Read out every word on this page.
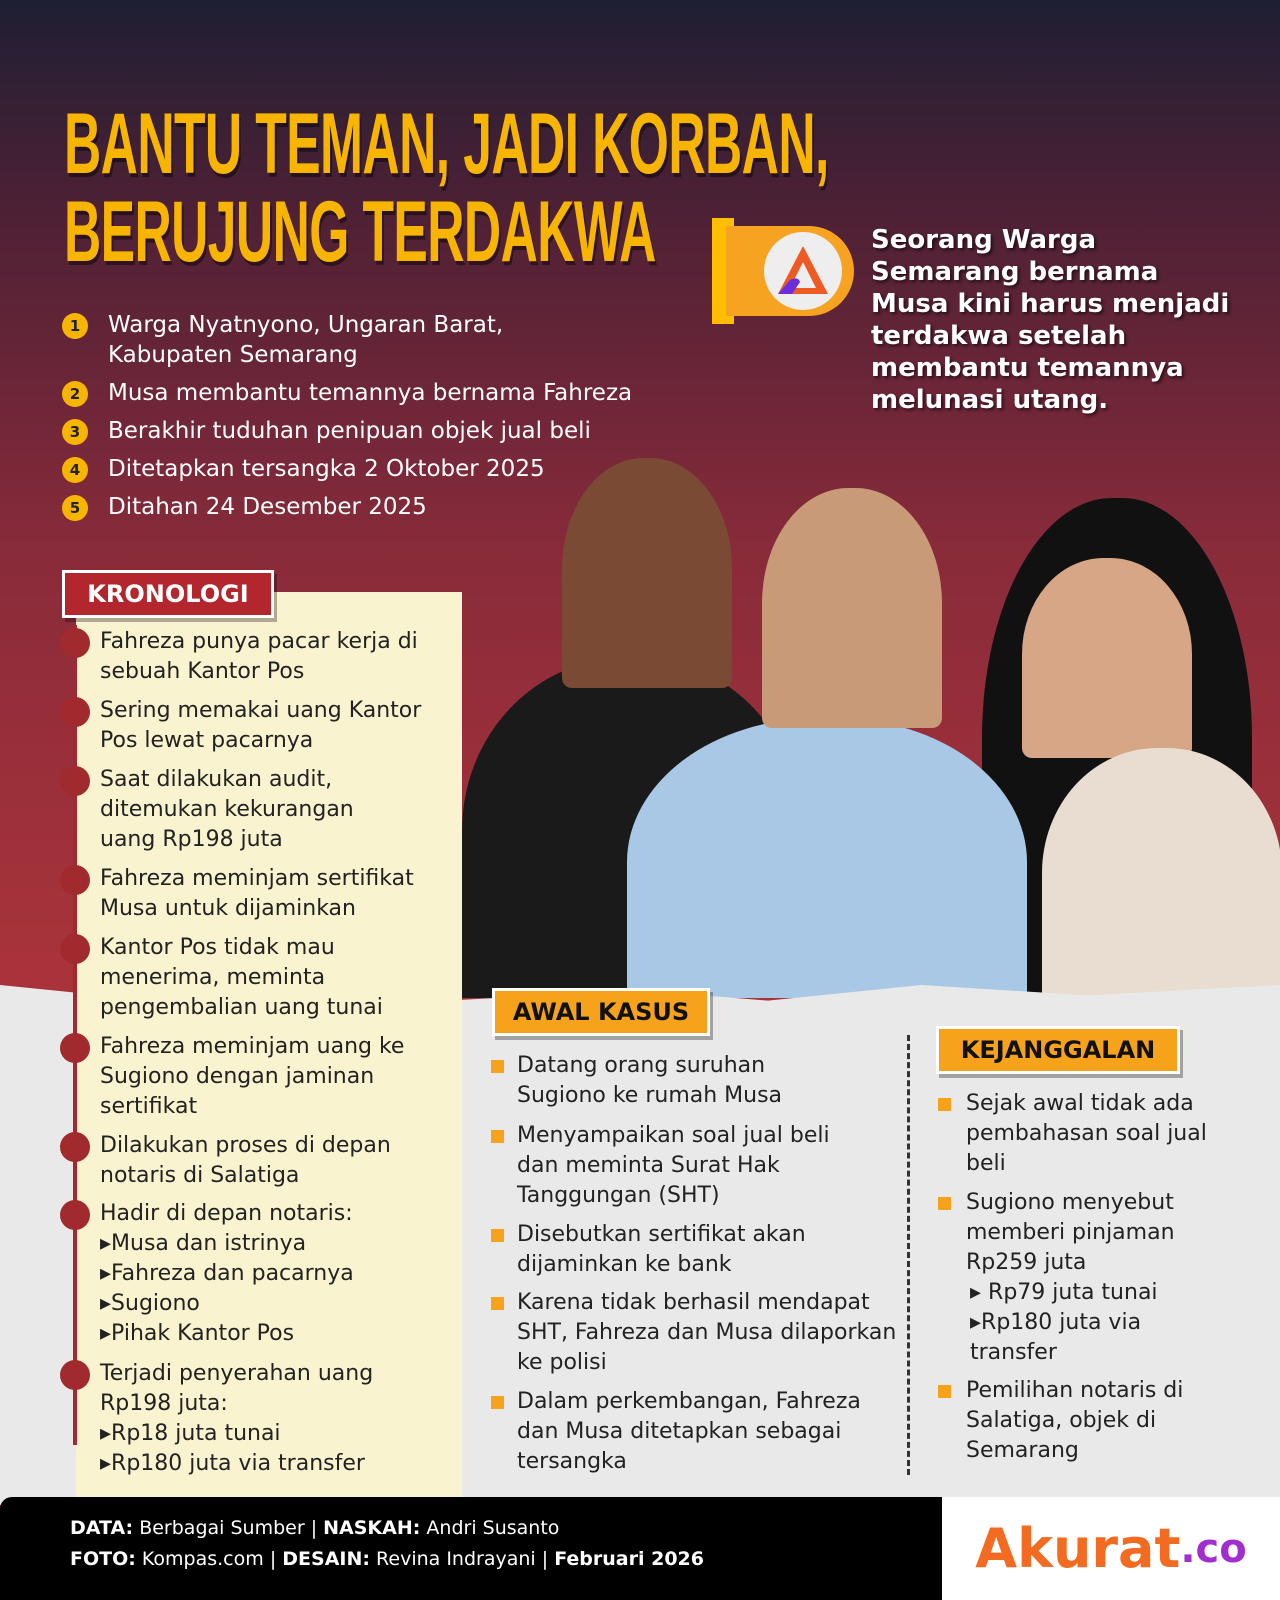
BANTU TEMAN, JADI KORBAN,
BERUJUNG TERDAKWA	Seorang Warga Semarang bernama Musa kini harus menjadi terdakwa setelah membantu temannya melunasi utang.
1	Warga Nyatnyono, Ungaran Barat, Kabupaten Semarang
2	Musa membantu temannya bernama Fahreza
3	Berakhir tuduhan penipuan objek jual beli
4	Ditetapkan tersangka 2 Oktober 2025
5	Ditahan 24 Desember 2025
KRONOLOGI
Fahreza punya pacar kerja di sebuah Kantor Pos
Sering memakai uang Kantor Pos lewat pacarnya
Saat dilakukan audit, ditemukan kekurangan uang Rp198 juta
Fahreza meminjam sertifikat Musa untuk dijaminkan
Kantor Pos tidak mau menerima, meminta pengembalian uang tunai
Fahreza meminjam uang ke Sugiono dengan jaminan sertifikat
Dilakukan proses di depan notaris di Salatiga
Hadir di depan notaris:
▸Musa dan istrinya
▸Fahreza dan pacarnya
▸Sugiono
▸Pihak Kantor Pos
Terjadi penyerahan uang Rp198 juta:
▸Rp18 juta tunai
▸Rp180 juta via transfer
AWAL KASUS
Datang orang suruhan Sugiono ke rumah Musa
Menyampaikan soal jual beli dan meminta Surat Hak Tanggungan (SHT)
Disebutkan sertifikat akan dijaminkan ke bank
Karena tidak berhasil mendapat SHT, Fahreza dan Musa dilaporkan ke polisi
Dalam perkembangan, Fahreza dan Musa ditetapkan sebagai tersangka
KEJANGGALAN
Sejak awal tidak ada pembahasan soal jual beli
Sugiono menyebut memberi pinjaman Rp259 juta
▸ Rp79 juta tunai
▸Rp180 juta via transfer
Pemilihan notaris di Salatiga, objek di Semarang
DATA: Berbagai Sumber | NASKAH: Andri Susanto
FOTO: Kompas.com | DESAIN: Revina Indrayani | Februari 2026	Akurat .co
